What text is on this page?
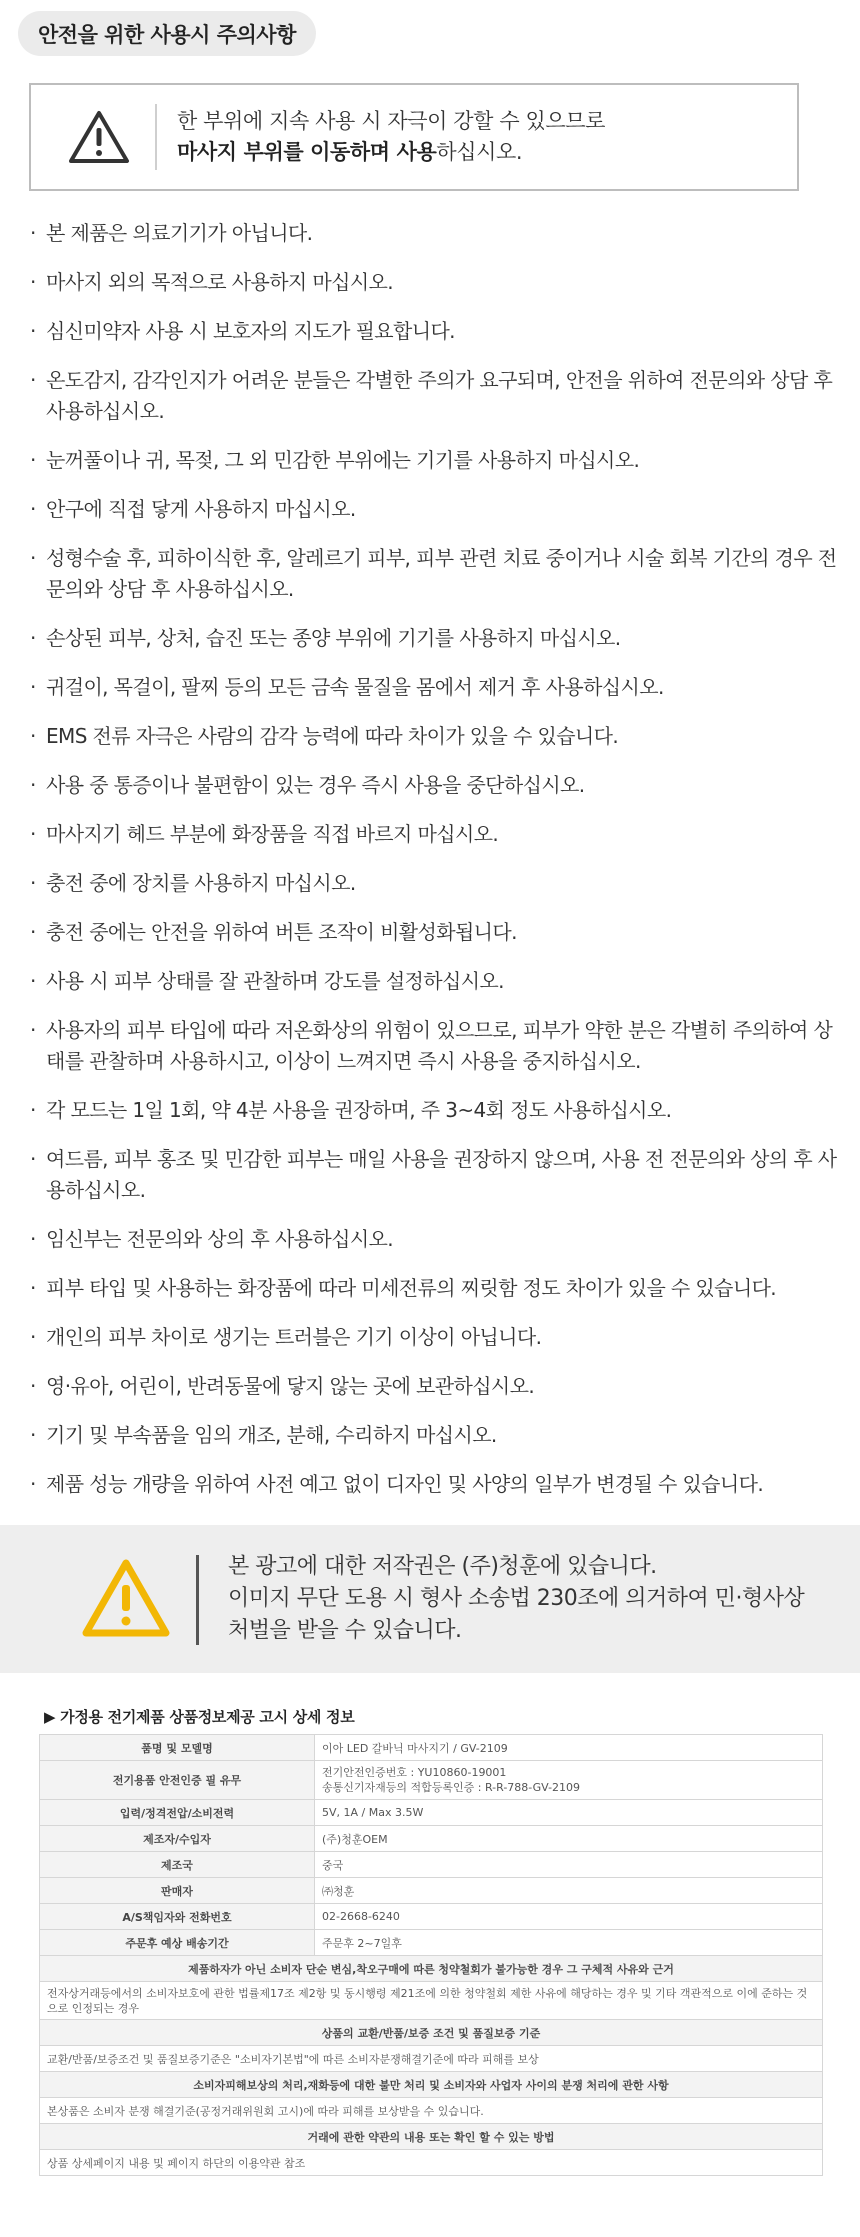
안전을 위한 사용시 주의사항
한 부위에 지속 사용 시 자극이 강할 수 있으므로
마사지 부위를 이동하며 사용하십시오.
· 본 제품은 의료기기가 아닙니다.
· 마사지 외의 목적으로 사용하지 마십시오.
· 심신미약자 사용 시 보호자의 지도가 필요합니다.
· 온도감지, 감각인지가 어려운 분들은 각별한 주의가 요구되며, 안전을 위하여 전문의와 상담 후 사용하십시오.
· 눈꺼풀이나 귀, 목젖, 그 외 민감한 부위에는 기기를 사용하지 마십시오.
· 안구에 직접 닿게 사용하지 마십시오.
· 성형수술 후, 피하이식한 후, 알레르기 피부, 피부 관련 치료 중이거나 시술 회복 기간의 경우 전문의와 상담 후 사용하십시오.
· 손상된 피부, 상처, 습진 또는 종양 부위에 기기를 사용하지 마십시오.
· 귀걸이, 목걸이, 팔찌 등의 모든 금속 물질을 몸에서 제거 후 사용하십시오.
· EMS 전류 자극은 사람의 감각 능력에 따라 차이가 있을 수 있습니다.
· 사용 중 통증이나 불편함이 있는 경우 즉시 사용을 중단하십시오.
· 마사지기 헤드 부분에 화장품을 직접 바르지 마십시오.
· 충전 중에 장치를 사용하지 마십시오.
· 충전 중에는 안전을 위하여 버튼 조작이 비활성화됩니다.
· 사용 시 피부 상태를 잘 관찰하며 강도를 설정하십시오.
· 사용자의 피부 타입에 따라 저온화상의 위험이 있으므로, 피부가 약한 분은 각별히 주의하여 상태를 관찰하며 사용하시고, 이상이 느껴지면 즉시 사용을 중지하십시오.
· 각 모드는 1일 1회, 약 4분 사용을 권장하며, 주 3~4회 정도 사용하십시오.
· 여드름, 피부 홍조 및 민감한 피부는 매일 사용을 권장하지 않으며, 사용 전 전문의와 상의 후 사용하십시오.
· 임신부는 전문의와 상의 후 사용하십시오.
· 피부 타입 및 사용하는 화장품에 따라 미세전류의 찌릿함 정도 차이가 있을 수 있습니다.
· 개인의 피부 차이로 생기는 트러블은 기기 이상이 아닙니다.
· 영·유아, 어린이, 반려동물에 닿지 않는 곳에 보관하십시오.
· 기기 및 부속품을 임의 개조, 분해, 수리하지 마십시오.
· 제품 성능 개량을 위하여 사전 예고 없이 디자인 및 사양의 일부가 변경될 수 있습니다.
본 광고에 대한 저작권은 (주)청훈에 있습니다.
이미지 무단 도용 시 형사 소송법 230조에 의거하여 민·형사상
처벌을 받을 수 있습니다.
▶ 가정용 전기제품 상품정보제공 고시 상세 정보
품명 및 모델명	이아 LED 갈바닉 마사지기 / GV-2109
전기용품 안전인증 필 유무	전기안전인증번호 : YU10860-19001
송통신기자재등의 적합등록인증 : R-R-788-GV-2109

입력/정격전압/소비전력	5V, 1A / Max 3.5W
제조자/수입자	(주)청훈OEM
제조국	중국
판매자	㈜청훈
A/S책임자와 전화번호	02-2668-6240
주문후 예상 배송기간	주문후 2~7일후
제품하자가 아닌 소비자 단순 변심,착오구매에 따른 청약철회가 불가능한 경우 그 구체적 사유와 근거	
전자상거래등에서의 소비자보호에 관한 법률제17조 제2항 및 동시행령 제21조에 의한 청약철회 제한 사유에 해당하는 경우 및 기타 객관적으로 이에 준하는 것으로 인정되는 경우	
상품의 교환/반품/보증 조건 및 품질보증 기준	
교환/반품/보증조건 및 품질보증기준은 "소비자기본법"에 따른 소비자분쟁해결기준에 따라 피해를 보상	
소비자피해보상의 처리,재화등에 대한 불만 처리 및 소비자와 사업자 사이의 분쟁 처리에 관한 사항	
본상품은 소비자 분쟁 해결기준(공정거래위원회 고시)에 따라 피해를 보상받을 수 있습니다.	
거래에 관한 약관의 내용 또는 확인 할 수 있는 방법	
상품 상세페이지 내용 및 페이지 하단의 이용약관 참조	
